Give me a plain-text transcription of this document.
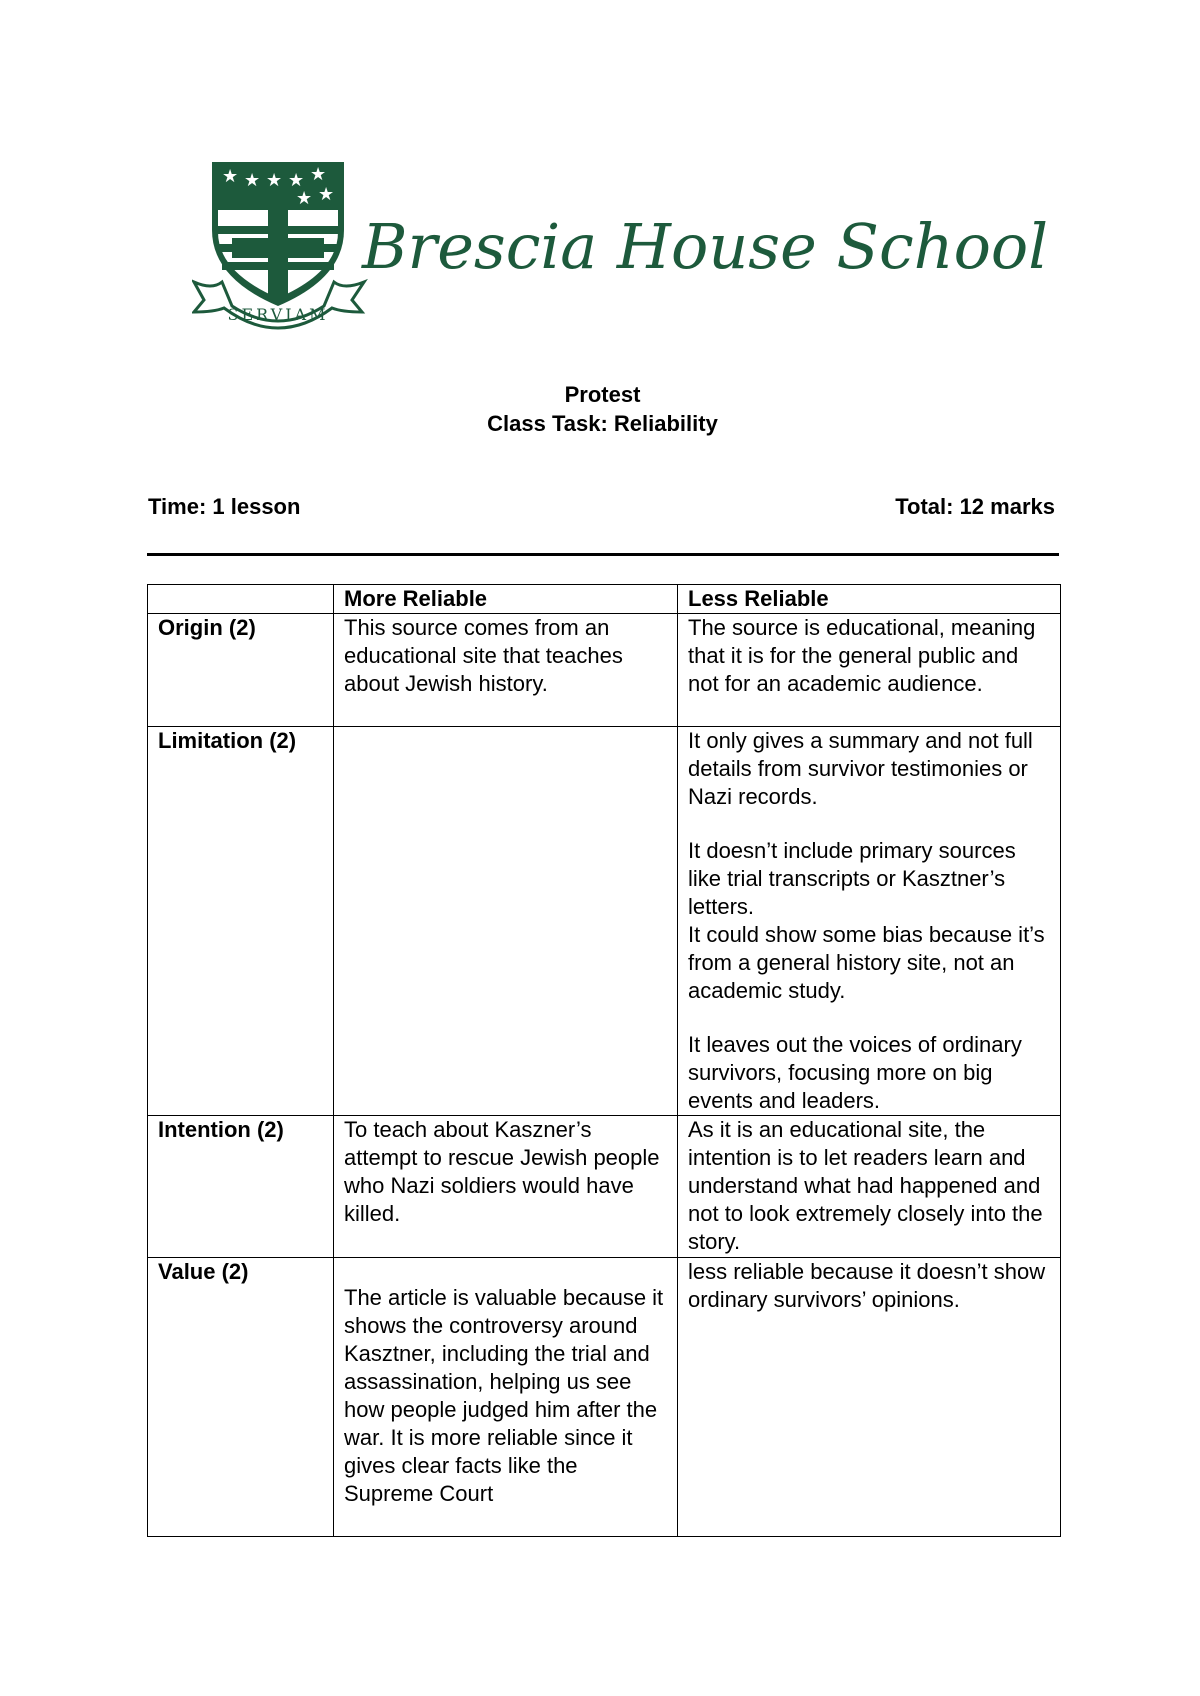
★ ★ ★ ★ ★
★ ★
SERVIAM
Brescia House School
Protest
Class Task: Reliability
Time: 1 lesson	Total: 12 marks
	More Reliable	Less Reliable
Origin (2)	This source comes from an educational site that teaches about Jewish history.	The source is educational, meaning that it is for the general public and not for an academic audience.

Limitation (2)		It only gives a summary and not full details from survivor testimonies or Nazi records.
It doesn’t include primary sources like trial transcripts or Kasztner’s letters.
It could show some bias because it’s from a general history site, not an academic study.
It leaves out the voices of ordinary survivors, focusing more on big events and leaders.

Intention (2)	To teach about Kaszner’s attempt to rescue Jewish people who Nazi soldiers would have killed.	As it is an educational site, the intention is to let readers learn and understand what had happened and not to look extremely closely into the story.

Value (2)	The article is valuable because it shows the controversy around Kasztner, including the trial and assassination, helping us see how people judged him after the war. It is more reliable since it gives clear facts like the Supreme Court	less reliable because it doesn’t show ordinary survivors’ opinions.
